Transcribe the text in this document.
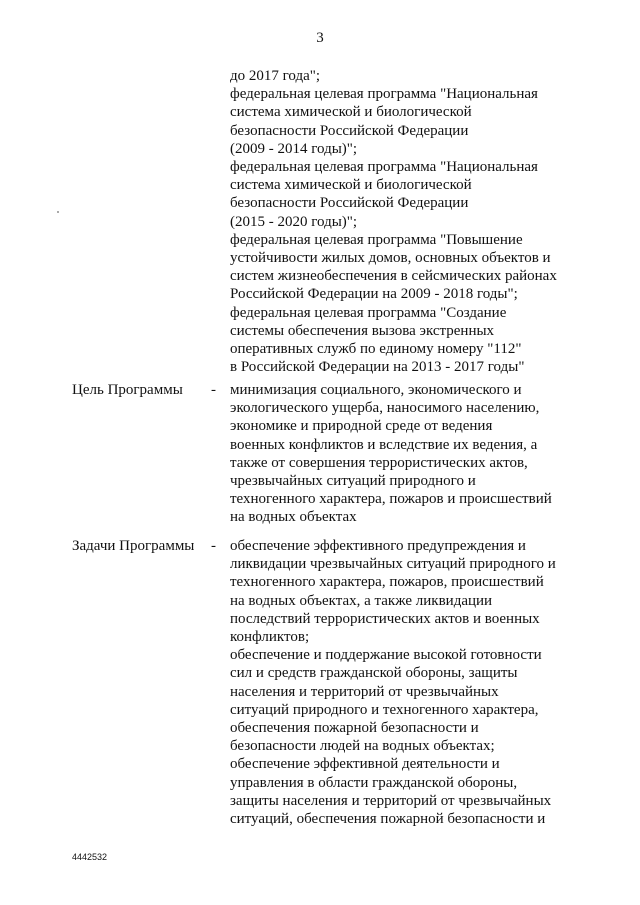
3
до 2017 года";
федеральная целевая программа "Национальная
система химической и биологической
безопасности Российской Федерации
(2009 - 2014 годы)";
федеральная целевая программа "Национальная
система химической и биологической
безопасности Российской Федерации
(2015 - 2020 годы)";
федеральная целевая программа "Повышение
устойчивости жилых домов, основных объектов и
систем жизнеобеспечения в сейсмических районах
Российской Федерации на 2009 - 2018 годы";
федеральная целевая программа "Создание
системы обеспечения вызова экстренных
оперативных служб по единому номеру "112"
в Российской Федерации на 2013 - 2017 годы"
Цель Программы - минимизация социального, экономического и
экологического ущерба, наносимого населению,
экономике и природной среде от ведения
военных конфликтов и вследствие их ведения, а
также от совершения террористических актов,
чрезвычайных ситуаций природного и
техногенного характера, пожаров и происшествий
на водных объектах
Задачи Программы - обеспечение эффективного предупреждения и
ликвидации чрезвычайных ситуаций природного и
техногенного характера, пожаров, происшествий
на водных объектах, а также ликвидации
последствий террористических актов и военных
конфликтов;
обеспечение и поддержание высокой готовности
сил и средств гражданской обороны, защиты
населения и территорий от чрезвычайных
ситуаций природного и техногенного характера,
обеспечения пожарной безопасности и
безопасности людей на водных объектах;
обеспечение эффективной деятельности и
управления в области гражданской обороны,
защиты населения и территорий от чрезвычайных
ситуаций, обеспечения пожарной безопасности и
4442532
